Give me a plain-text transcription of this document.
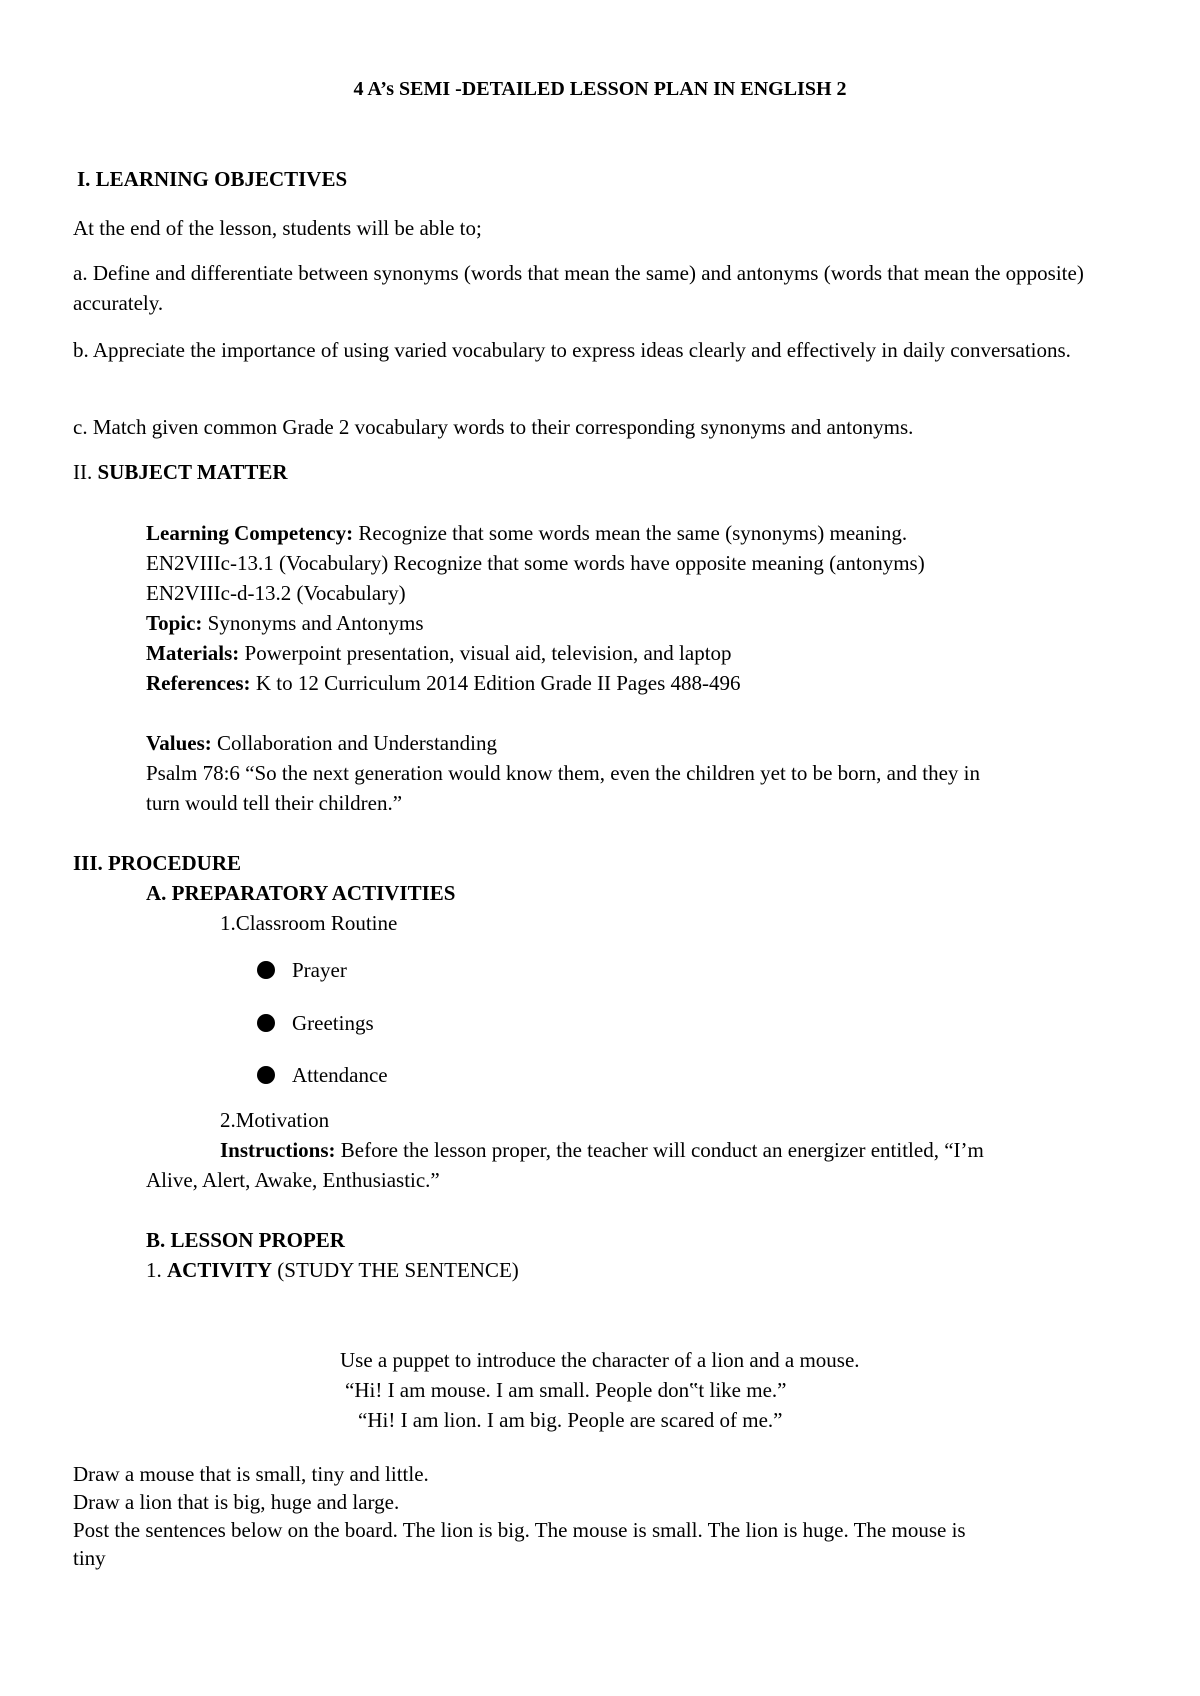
4 A’s SEMI -DETAILED LESSON PLAN IN ENGLISH 2
I. LEARNING OBJECTIVES
At the end of the lesson, students will be able to;
a. Define and differentiate between synonyms (words that mean the same) and antonyms (words that mean the opposite) accurately.
b. Appreciate the importance of using varied vocabulary to express ideas clearly and effectively in daily conversations.
c. Match given common Grade 2 vocabulary words to their corresponding synonyms and antonyms.
II. SUBJECT MATTER
Learning Competency: Recognize that some words mean the same (synonyms) meaning.
EN2VIIIc-13.1 (Vocabulary) Recognize that some words have opposite meaning (antonyms)
EN2VIIIc-d-13.2 (Vocabulary)
Topic: Synonyms and Antonyms
Materials: Powerpoint presentation, visual aid, television, and laptop
References: K to 12 Curriculum 2014 Edition Grade II Pages 488-496
Values: Collaboration and Understanding
Psalm 78:6 “So the next generation would know them, even the children yet to be born, and they in
turn would tell their children.”
III. PROCEDURE
A. PREPARATORY ACTIVITIES
1.Classroom Routine
Prayer
Greetings
Attendance
2.Motivation
Instructions: Before the lesson proper, the teacher will conduct an energizer entitled, “I’m
Alive, Alert, Awake, Enthusiastic.”
B. LESSON PROPER
1. ACTIVITY (STUDY THE SENTENCE)
Use a puppet to introduce the character of a lion and a mouse.
“Hi! I am mouse. I am small. People don‟t like me.”
“Hi! I am lion. I am big. People are scared of me.”
Draw a mouse that is small, tiny and little.
Draw a lion that is big, huge and large.
Post the sentences below on the board. The lion is big. The mouse is small. The lion is huge. The mouse is
tiny
